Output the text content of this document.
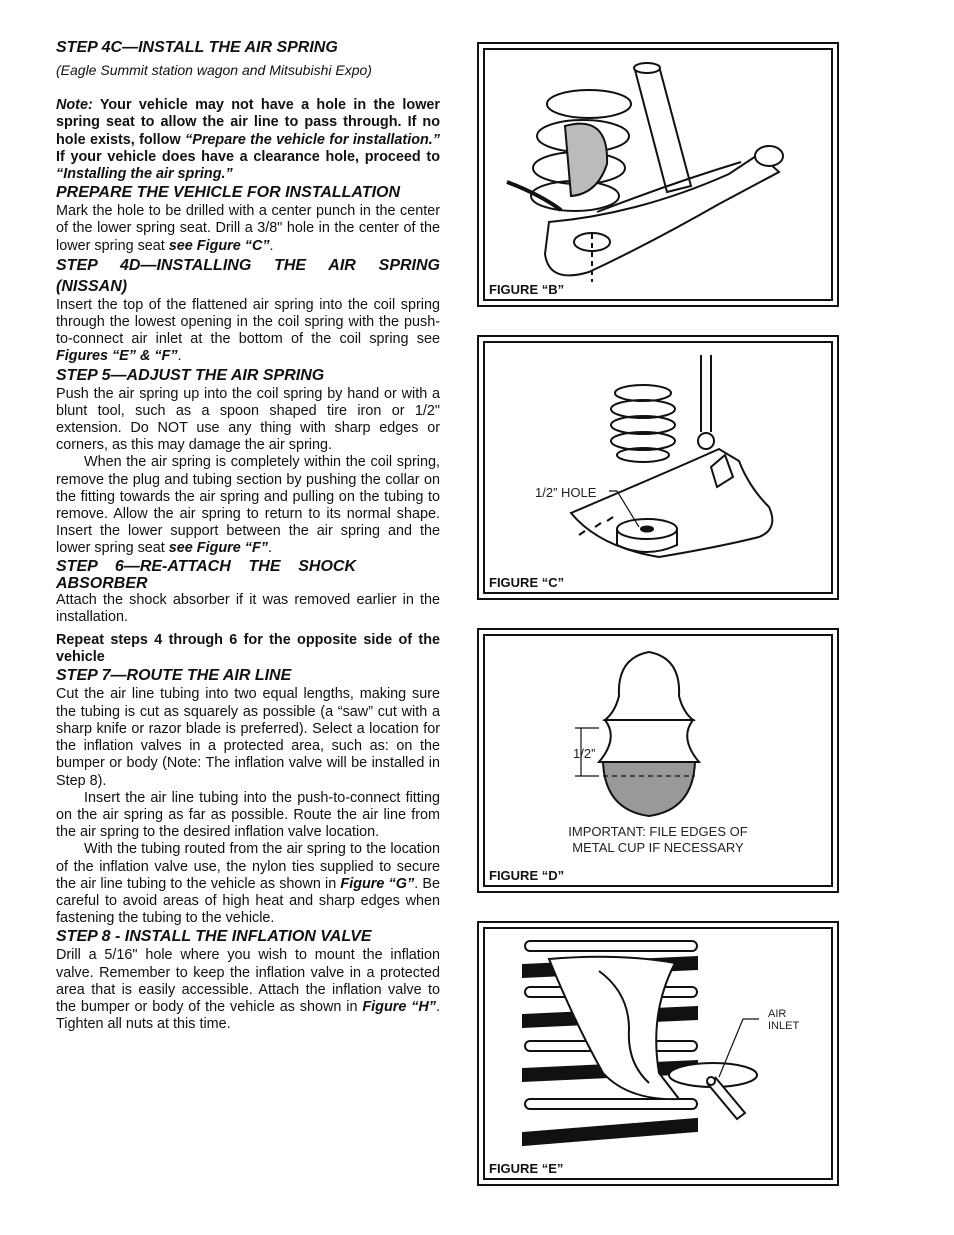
STEP 4C—INSTALL THE AIR SPRING

(Eagle Summit station wagon and Mitsubishi Expo)

Note: Your vehicle may not have a hole in the lower spring seat to allow the air line to pass through. If no hole exists, follow “Prepare the vehicle for installation.” If your vehicle does have a clearance hole, proceed to “Installing the air spring.”

PREPARE THE VEHICLE FOR INSTALLATION

Mark the hole to be drilled with a center punch in the center of the lower spring seat. Drill a 3/8" hole in the center of the lower spring seat see Figure “C”.

STEP 4D—INSTALLING THE AIR SPRING (NISSAN)

Insert the top of the flattened air spring into the coil spring through the lowest opening in the coil spring with the push-to-connect air inlet at the bottom of the coil spring see Figures “E” & “F”.

STEP 5—ADJUST THE AIR SPRING

Push the air spring up into the coil spring by hand or with a blunt tool, such as a spoon shaped tire iron or 1/2" extension. Do NOT use any thing with sharp edges or corners, as this may damage the air spring.

When the air spring is completely within the coil spring, remove the plug and tubing section by pushing the collar on the fitting towards the air spring and pulling on the tubing to remove. Allow the air spring to return to its normal shape. Insert the lower support between the air spring and the lower spring seat see Figure “F”.

STEP 6—RE-ATTACH THE SHOCK ABSORBER

Attach the shock absorber if it was removed earlier in the installation.

Repeat steps 4 through 6 for the opposite side of the vehicle

STEP 7—ROUTE THE AIR LINE

Cut the air line tubing into two equal lengths, making sure the tubing is cut as squarely as possible (a “saw” cut with a sharp knife or razor blade is preferred). Select a location for the inflation valves in a protected area, such as: on the bumper or body (Note: The inflation valve will be installed in Step 8).

Insert the air line tubing into the push-to-connect fitting on the air spring as far as possible. Route the air line from the air spring to the desired inflation valve location.

With the tubing routed from the air spring to the location of the inflation valve use, the nylon ties supplied to secure the air line tubing to the vehicle as shown in Figure “G”. Be careful to avoid areas of high heat and sharp edges when fastening the tubing to the vehicle.

STEP 8 - INSTALL THE INFLATION VALVE

Drill a 5/16" hole where you wish to mount the inflation valve. Remember to keep the inflation valve in a protected area that is easily accessible. Attach the inflation valve to the bumper or body of the vehicle as shown in Figure “H”. Tighten all nuts at this time.

FIGURE “B”
1/2” HOLE
FIGURE “C”
1/2”
IMPORTANT: FILE EDGES OF
METAL CUP IF NECESSARY
FIGURE “D”
AIR
INLET
FIGURE “E”
